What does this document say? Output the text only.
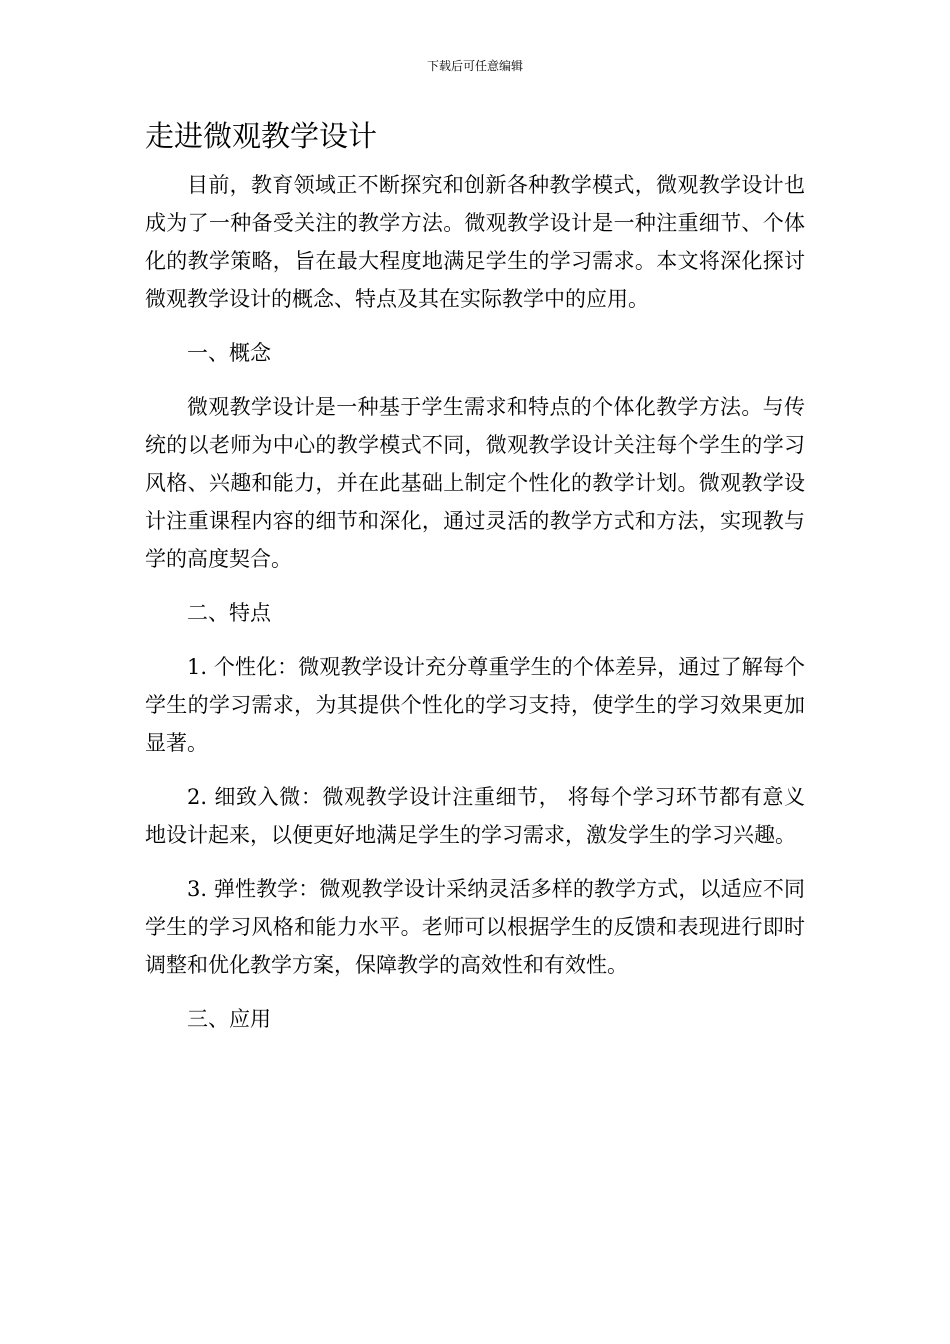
下载后可任意编辑
走进微观教学设计

目前，教育领域正不断探究和创新各种教学模式，微观教学设计也成为了一种备受关注的教学方法。微观教学设计是一种注重细节、个体化的教学策略，旨在最大程度地满足学生的学习需求。本文将深化探讨微观教学设计的概念、特点及其在实际教学中的应用。

一、概念

微观教学设计是一种基于学生需求和特点的个体化教学方法。与传统的以老师为中心的教学模式不同，微观教学设计关注每个学生的学习风格、兴趣和能力，并在此基础上制定个性化的教学计划。微观教学设计注重课程内容的细节和深化，通过灵活的教学方式和方法，实现教与学的高度契合。

二、特点

1. 个性化：微观教学设计充分尊重学生的个体差异，通过了解每个学生的学习需求，为其提供个性化的学习支持，使学生的学习效果更加显著。

2. 细致入微：微观教学设计注重细节， 将每个学习环节都有意义地设计起来，以便更好地满足学生的学习需求，激发学生的学习兴趣。

3. 弹性教学：微观教学设计采纳灵活多样的教学方式，以适应不同学生的学习风格和能力水平。老师可以根据学生的反馈和表现进行即时调整和优化教学方案，保障教学的高效性和有效性。

三、应用
